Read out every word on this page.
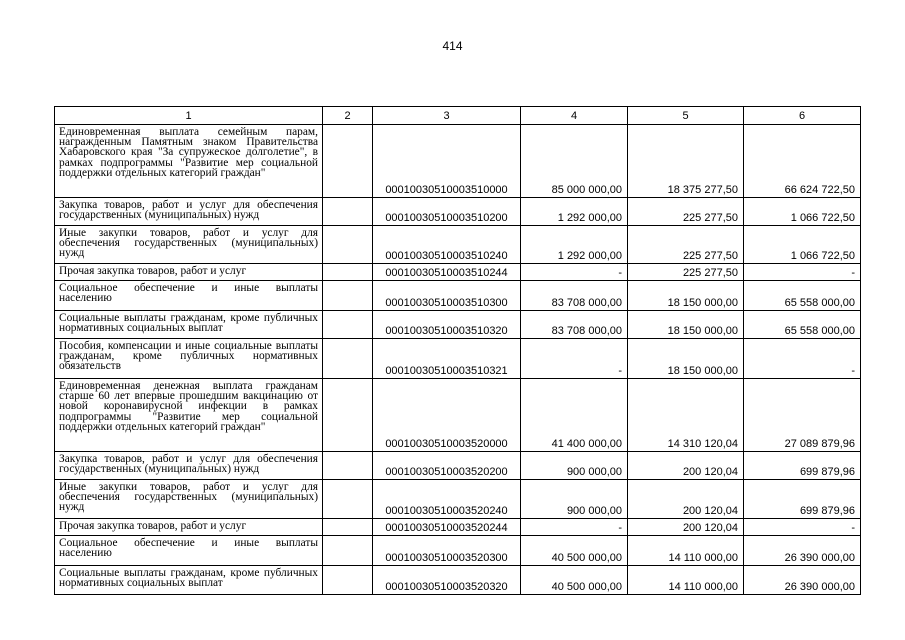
414
1	2	3	4	5	6
Единовременная выплата семейным парам, награжденным Памятным знаком Правительства Хабаровского края "За супружеское долголетие", в рамках подпрограммы "Развитие мер социальной поддержки отдельных категорий граждан"		00010030510003510000	85 000 000,00	18 375 277,50	66 624 722,50
Закупка товаров, работ и услуг для обеспечения государственных (муниципальных) нужд		00010030510003510200	1 292 000,00	225 277,50	1 066 722,50
Иные закупки товаров, работ и услуг для обеспечения государственных (муниципальных) нужд		00010030510003510240	1 292 000,00	225 277,50	1 066 722,50
Прочая закупка товаров, работ и услуг		00010030510003510244	-	225 277,50	-
Социальное обеспечение и иные выплаты населению		00010030510003510300	83 708 000,00	18 150 000,00	65 558 000,00
Социальные выплаты гражданам, кроме публичных нормативных социальных выплат		00010030510003510320	83 708 000,00	18 150 000,00	65 558 000,00
Пособия, компенсации и иные социальные выплаты гражданам, кроме публичных нормативных обязательств		00010030510003510321	-	18 150 000,00	-
Единовременная денежная выплата гражданам старше 60 лет впервые прошедшим вакцинацию от новой коронавирусной инфекции в рамках подпрограммы "Развитие мер социальной поддержки отдельных категорий граждан"		00010030510003520000	41 400 000,00	14 310 120,04	27 089 879,96
Закупка товаров, работ и услуг для обеспечения государственных (муниципальных) нужд		00010030510003520200	900 000,00	200 120,04	699 879,96
Иные закупки товаров, работ и услуг для обеспечения государственных (муниципальных) нужд		00010030510003520240	900 000,00	200 120,04	699 879,96
Прочая закупка товаров, работ и услуг		00010030510003520244	-	200 120,04	-
Социальное обеспечение и иные выплаты населению		00010030510003520300	40 500 000,00	14 110 000,00	26 390 000,00
Социальные выплаты гражданам, кроме публичных нормативных социальных выплат		00010030510003520320	40 500 000,00	14 110 000,00	26 390 000,00
